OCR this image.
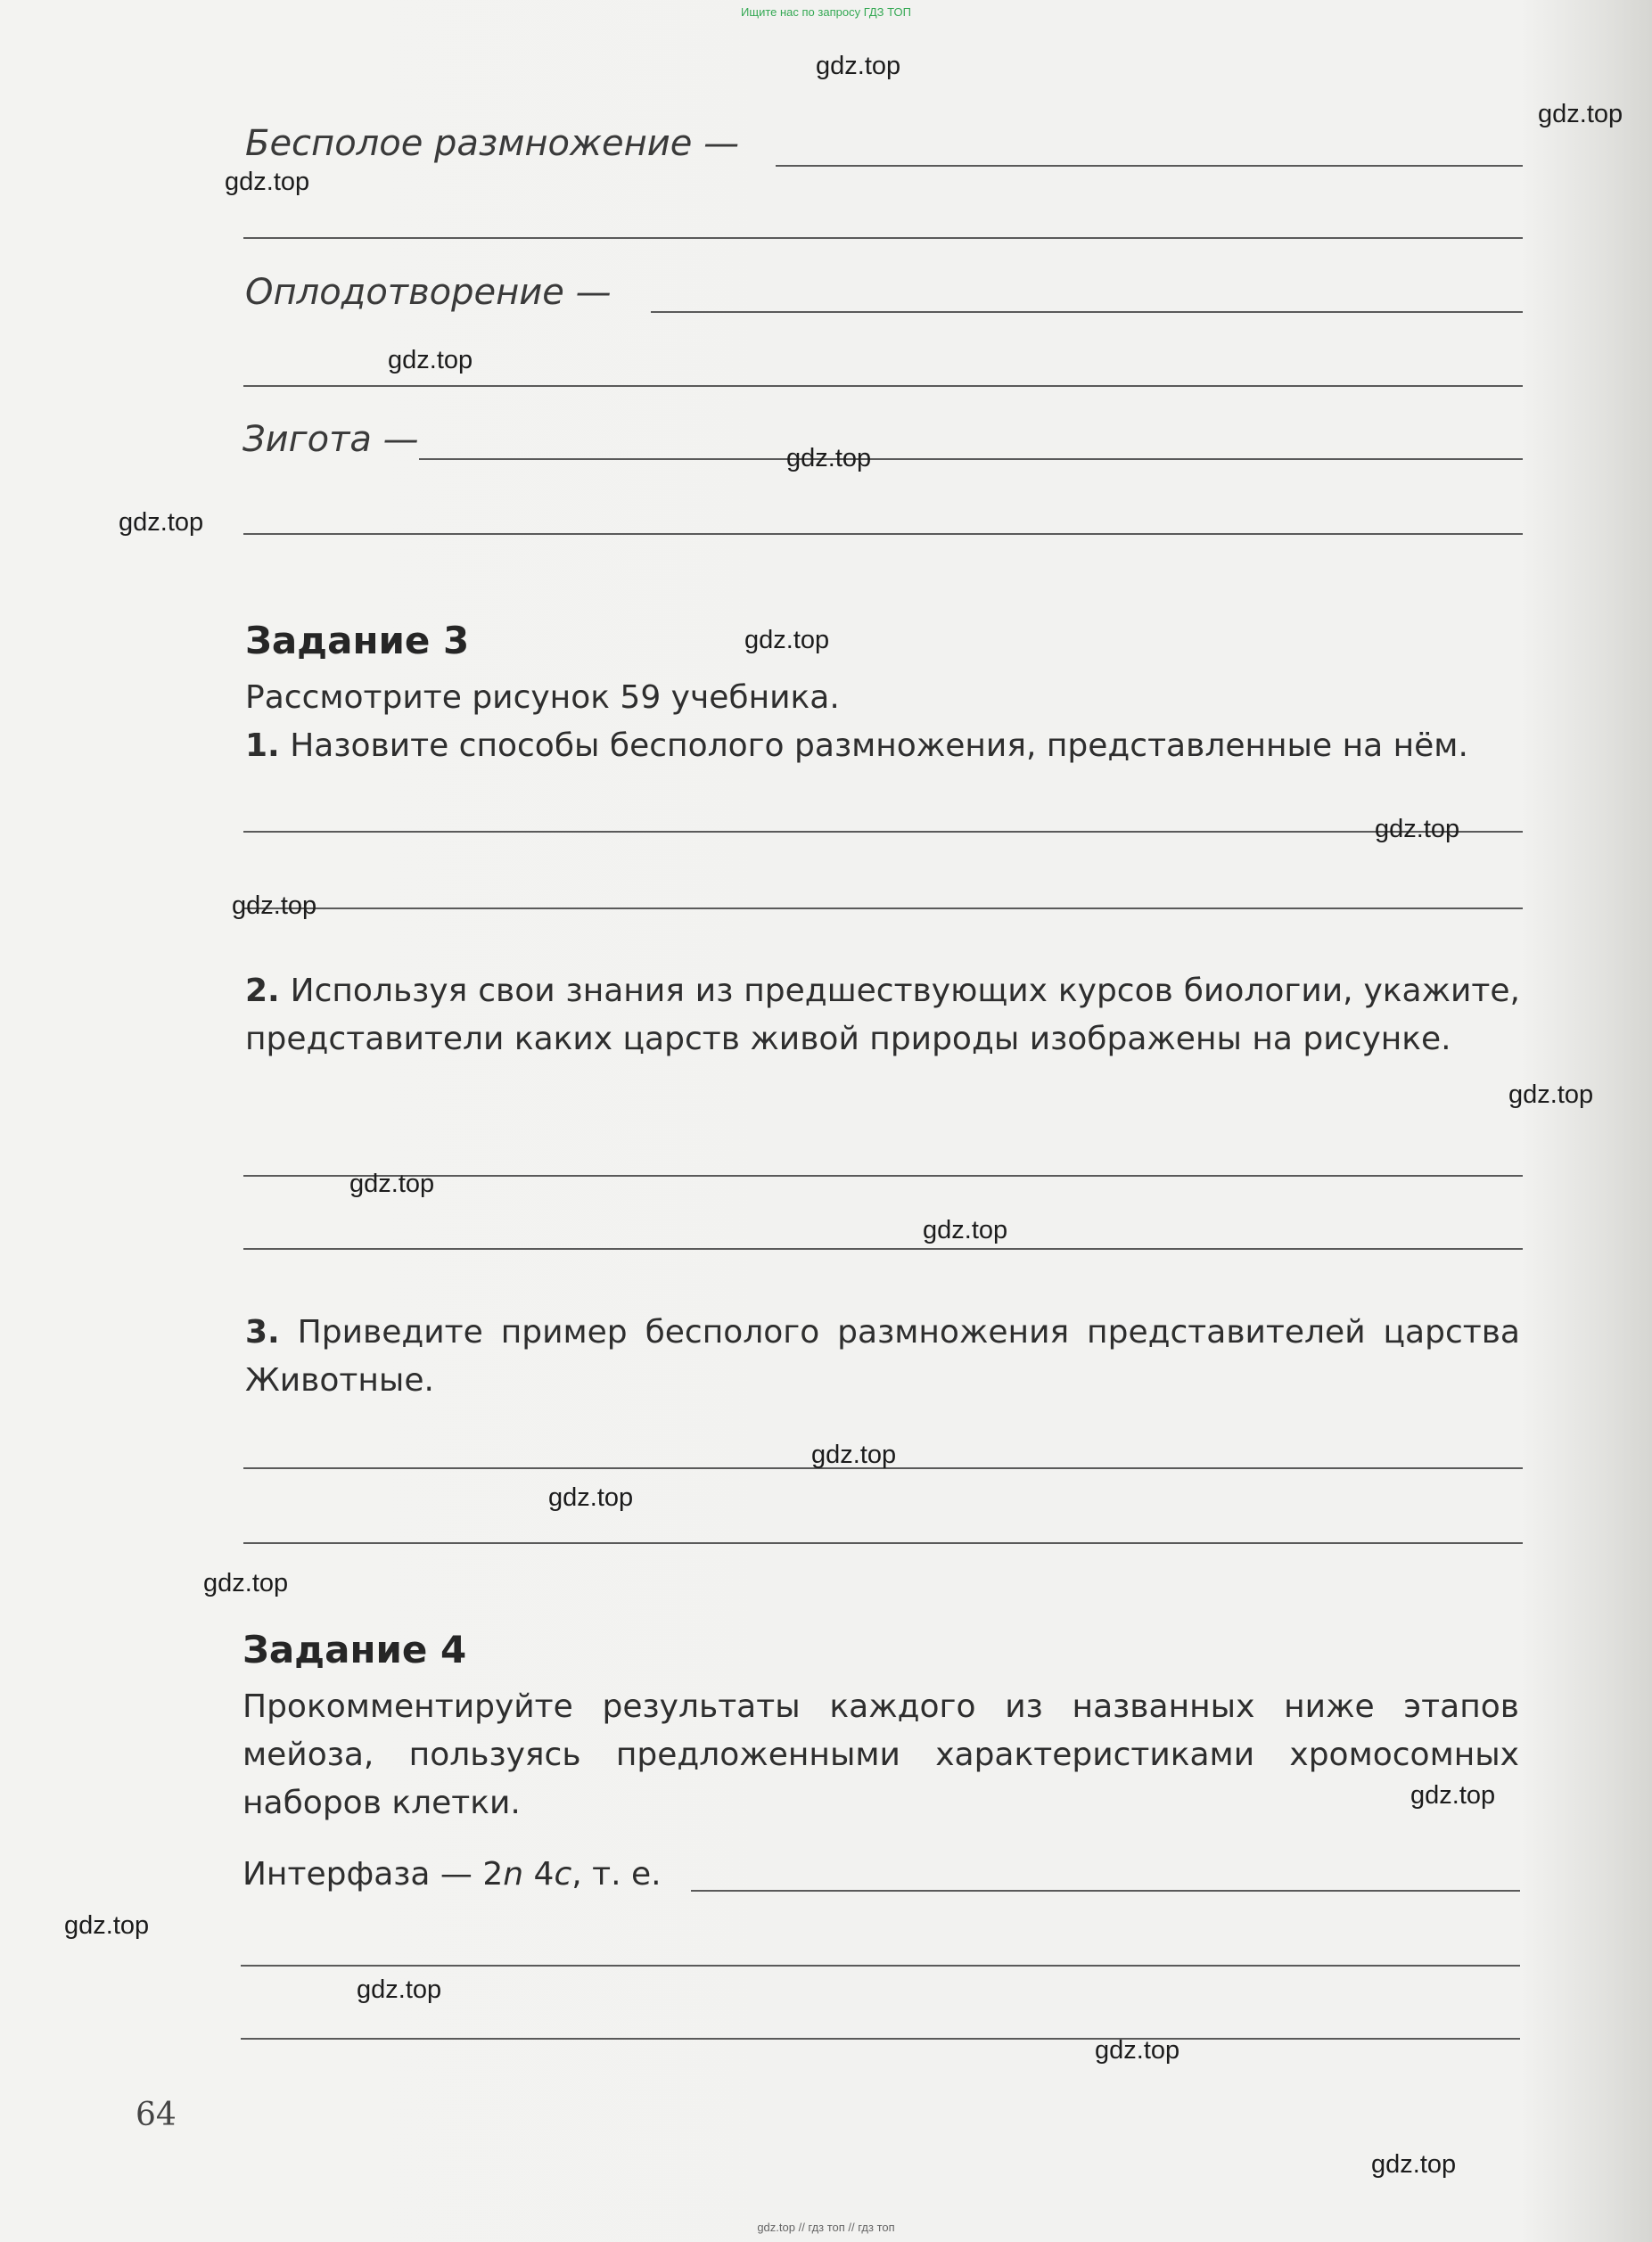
Ищите нас по запросу ГДЗ ТОП

Бесполое размножение —
Оплодотворение —
Зигота —
Задание 3
Рассмотрите рисунок 59 учебника.
1. Назовите способы бесполого размножения, представленные на нём.
2. Используя свои знания из предшествующих курсов биологии, укажите, представители каких царств живой природы изображены на рисунке.
3. Приведите пример бесполого размножения представителей царства Животные.
Задание 4
Прокомментируйте результаты каждого из названных ниже этапов мейоза, пользуясь предложенными характеристиками хромосомных наборов клетки.
Интерфаза — 2n 4c, т. е.
64
gdz.top
gdz.top
gdz.top
gdz.top
gdz.top
gdz.top
gdz.top
gdz.top
gdz.top
gdz.top
gdz.top
gdz.top
gdz.top
gdz.top
gdz.top
gdz.top
gdz.top
gdz.top
gdz.top
gdz.top
gdz.top // гдз топ // гдз топ
